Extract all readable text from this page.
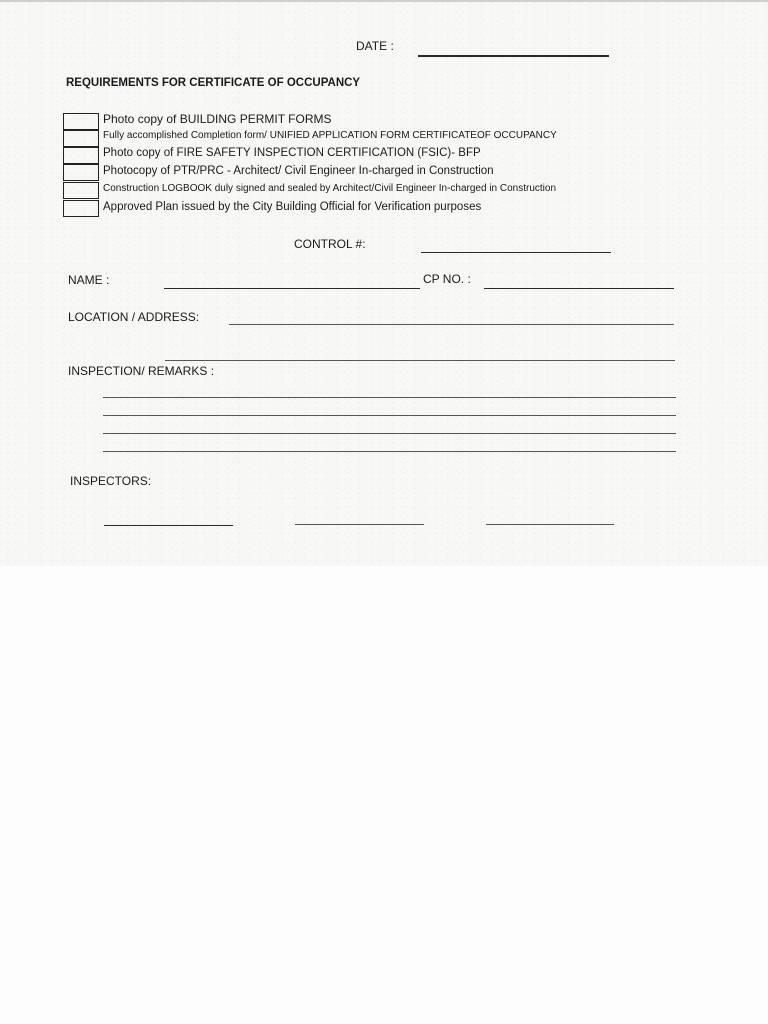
DATE :
REQUIREMENTS FOR CERTIFICATE OF OCCUPANCY
Photo copy of BUILDING PERMIT FORMS
Fully accomplished Completion form/ UNIFIED APPLICATION FORM CERTIFICATEOF OCCUPANCY
Photo copy of FIRE SAFETY INSPECTION CERTIFICATION (FSIC)- BFP
Photocopy of PTR/PRC - Architect/ Civil Engineer In-charged in Construction
Construction LOGBOOK duly signed and sealed by Architect/Civil Engineer In-charged in Construction
Approved Plan issued by the City Building Official for Verification purposes
CONTROL #:
NAME :	CP NO. :
LOCATION / ADDRESS:
INSPECTION/ REMARKS :
INSPECTORS:
